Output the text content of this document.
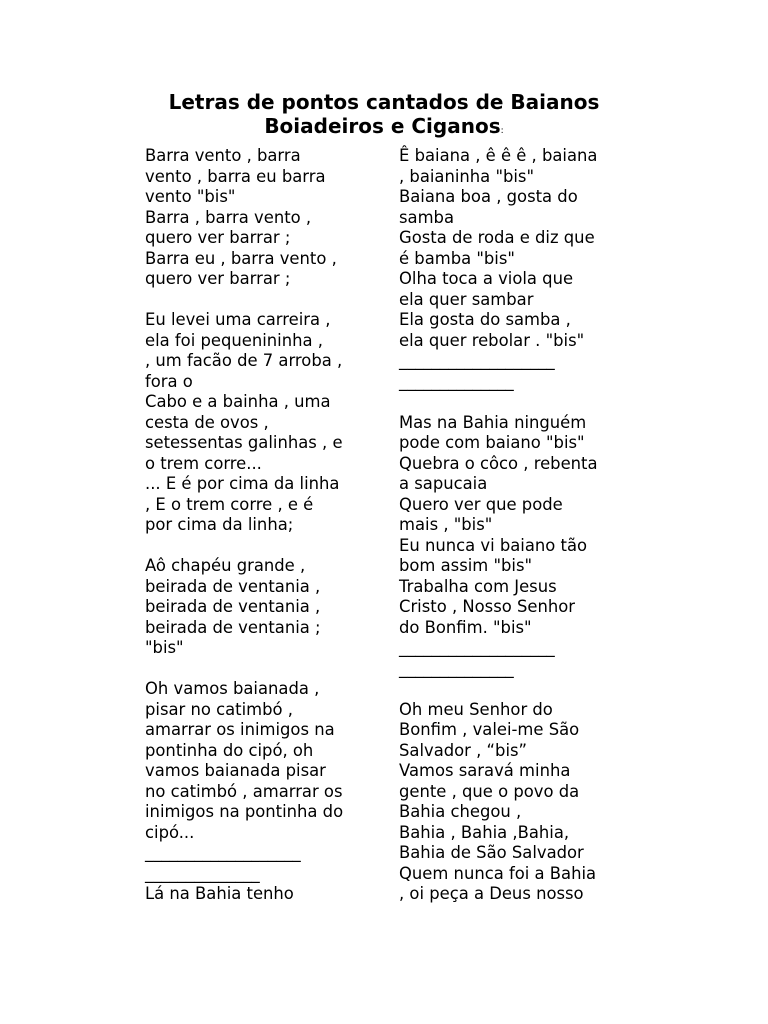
Letras de pontos cantados de Baianos
Boiadeiros e Ciganos:
Barra vento , barra
vento , barra eu barra
vento "bis"
Barra , barra vento ,
quero ver barrar ;
Barra eu , barra vento ,
quero ver barrar ;
Eu levei uma carreira ,
ela foi pequenininha ,
, um facão de 7 arroba ,
fora o
Cabo e a bainha , uma
cesta de ovos ,
setessentas galinhas , e
o trem corre...
... E é por cima da linha
, E o trem corre , e é
por cima da linha;
Aô chapéu grande ,
beirada de ventania ,
beirada de ventania ,
beirada de ventania ;
"bis"
Oh vamos baianada ,
pisar no catimbó ,
amarrar os inimigos na
pontinha do cipó, oh
vamos baianada pisar
no catimbó , amarrar os
inimigos na pontinha do
cipó...
___________________
______________
Lá na Bahia tenho
Ê baiana , ê ê ê , baiana
, baianinha "bis"
Baiana boa , gosta do
samba
Gosta de roda e diz que
é bamba "bis"
Olha toca a viola que
ela quer sambar
Ela gosta do samba ,
ela quer rebolar . "bis"
___________________
______________
Mas na Bahia ninguém
pode com baiano "bis"
Quebra o côco , rebenta
a sapucaia
Quero ver que pode
mais , "bis"
Eu nunca vi baiano tão
bom assim "bis"
Trabalha com Jesus
Cristo , Nosso Senhor
do Bonfim. "bis"
___________________
______________
Oh meu Senhor do
Bonfim , valei-me São
Salvador , “bis”
Vamos saravá minha
gente , que o povo da
Bahia chegou ,
Bahia , Bahia ,Bahia,
Bahia de São Salvador
Quem nunca foi a Bahia
, oi peça a Deus nosso
